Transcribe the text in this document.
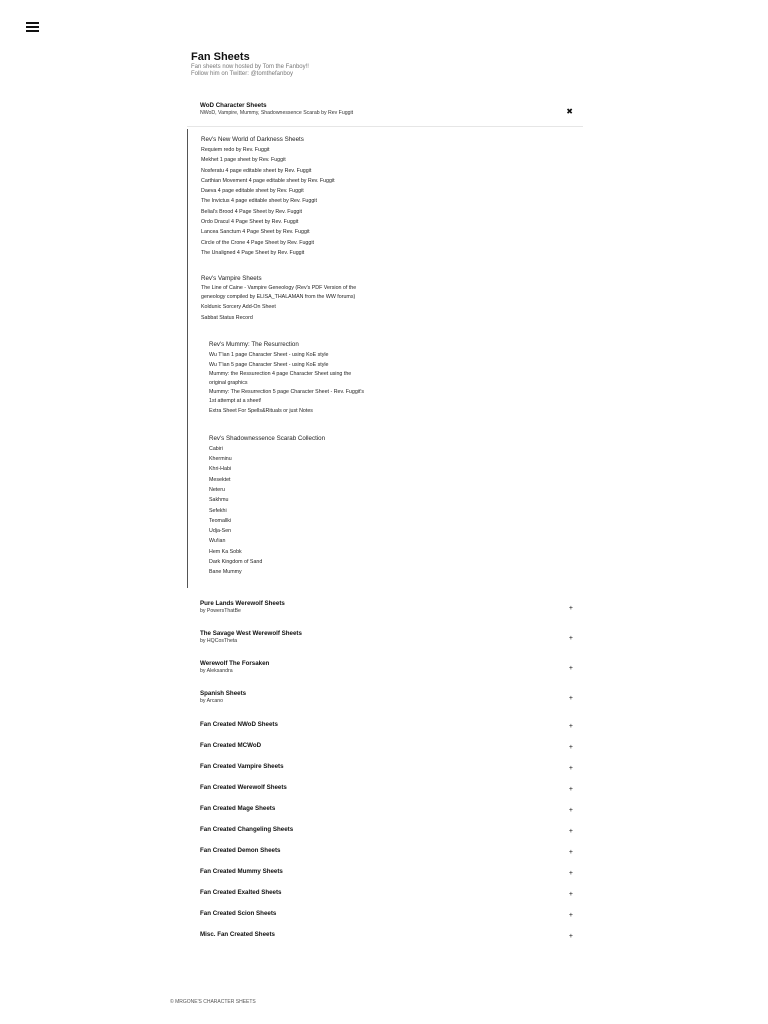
Fan Sheets
Fan sheets now hosted by Tom the Fanboy!!
Follow him on Twitter: @tomthefanboy
WoD Character Sheets
NWoD, Vampire, Mummy, Shadownessence Scarab by Rev Fuggit	✖
Rev's New World of Darkness Sheets
Requiem redo by Rev. Fuggit
Mekhet 1 page sheet by Rev. Fuggit
Nosferatu 4 page editable sheet by Rev. Fuggit
Carthian Movement 4 page editable sheet by Rev. Fuggit
Daeva 4 page editable sheet by Rev. Fuggit
The Invictus 4 page editable sheet by Rev. Fuggit
Belial's Brood 4 Page Sheet by Rev. Fuggit
Ordo Dracul 4 Page Sheet by Rev. Fuggit
Lancea Sanctum 4 Page Sheet by Rev. Fuggit
Circle of the Crone 4 Page Sheet by Rev. Fuggit
The Unaligned 4 Page Sheet by Rev. Fuggit
Rev's Vampire Sheets
The Line of Caine - Vampire Geneology (Rev's PDF Version of the geneology compiled by ELISA_THALAMAN from the WW forums)
Koldunic Sorcery Add-On Sheet
Sabbat Status Record
Rev's Mummy: The Resurrection
Wu T'ian 1 page Character Sheet - using KoE style
Wu T'ian 5 page Character Sheet - using KoE style
Mummy: the Ressurection 4 page Character Sheet using the original graphics
Mummy: The Resurrection 5 page Character Sheet - Rev. Fuggit's 1st attempt at a sheet!
Extra Sheet For Spells&Rituals or just Notes
Rev's Shadownessence Scarab Collection
Cabiri
Kherminu
Khri-Habi
Mesektet
Neteru
Sakhmu
Sefekhi
Teomallki
Udja-Sen
Wu!ian
Hem Ka Sobk
Dark Kingdom of Sand
Bane Mummy
Pure Lands Werewolf Sheets
by PowersThatBe	+
The Savage West Werewolf Sheets
by HQCosTheta	+
Werewolf The Forsaken
by Aleksandra	+
Spanish Sheets
by Arcano	+
Fan Created NWoD Sheets	+
Fan Created MCWoD	+
Fan Created Vampire Sheets	+
Fan Created Werewolf Sheets	+
Fan Created Mage Sheets	+
Fan Created Changeling Sheets	+
Fan Created Demon Sheets	+
Fan Created Mummy Sheets	+
Fan Created Exalted Sheets	+
Fan Created Scion Sheets	+
Misc. Fan Created Sheets	+
© MRGONE'S CHARACTER SHEETS
